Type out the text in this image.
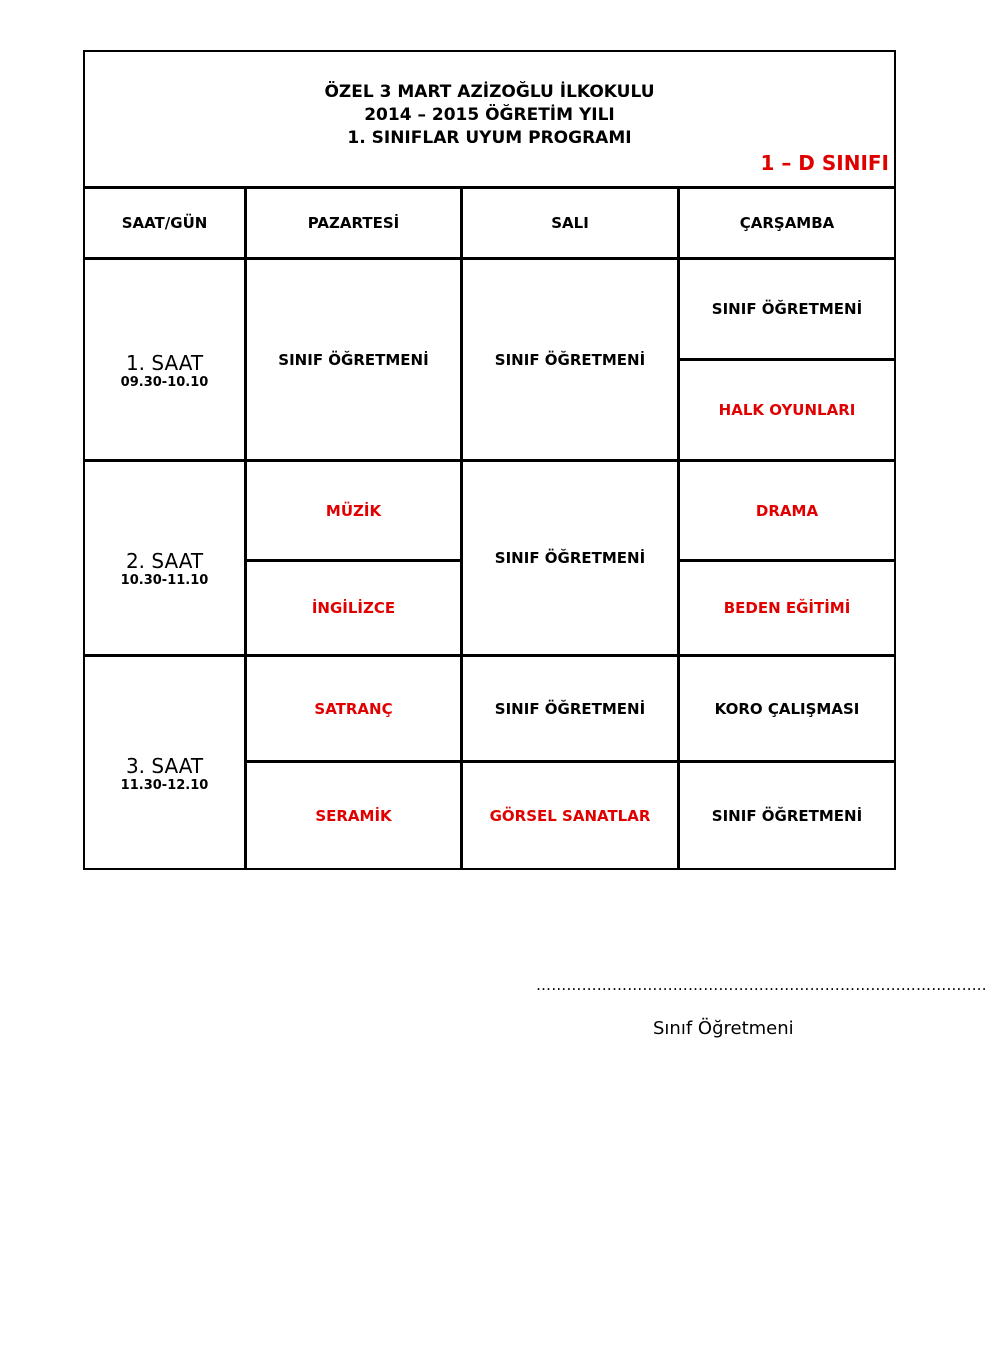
ÖZEL 3 MART AZİZOĞLU İLKOKULU
2014 – 2015 ÖĞRETİM YILI
1. SINIFLAR UYUM PROGRAMI
1 – D SINIFI			

SAAT/GÜN	PAZARTESİ	SALI	ÇARŞAMBA

1. SAAT
09.30-10.10	SINIF ÖĞRETMENİ	SINIF ÖĞRETMENİ	SINIF ÖĞRETMENİ
			HALK OYUNLARI

2. SAAT
10.30-11.10	MÜZİK	SINIF ÖĞRETMENİ	DRAMA
	İNGİLİZCE		BEDEN EĞİTİMİ

3. SAAT
11.30-12.10	SATRANÇ	SINIF ÖĞRETMENİ	KORO ÇALIŞMASI
	SERAMİK	GÖRSEL SANATLAR	SINIF ÖĞRETMENİ
……………………………………………………………………………..
Sınıf Öğretmeni
